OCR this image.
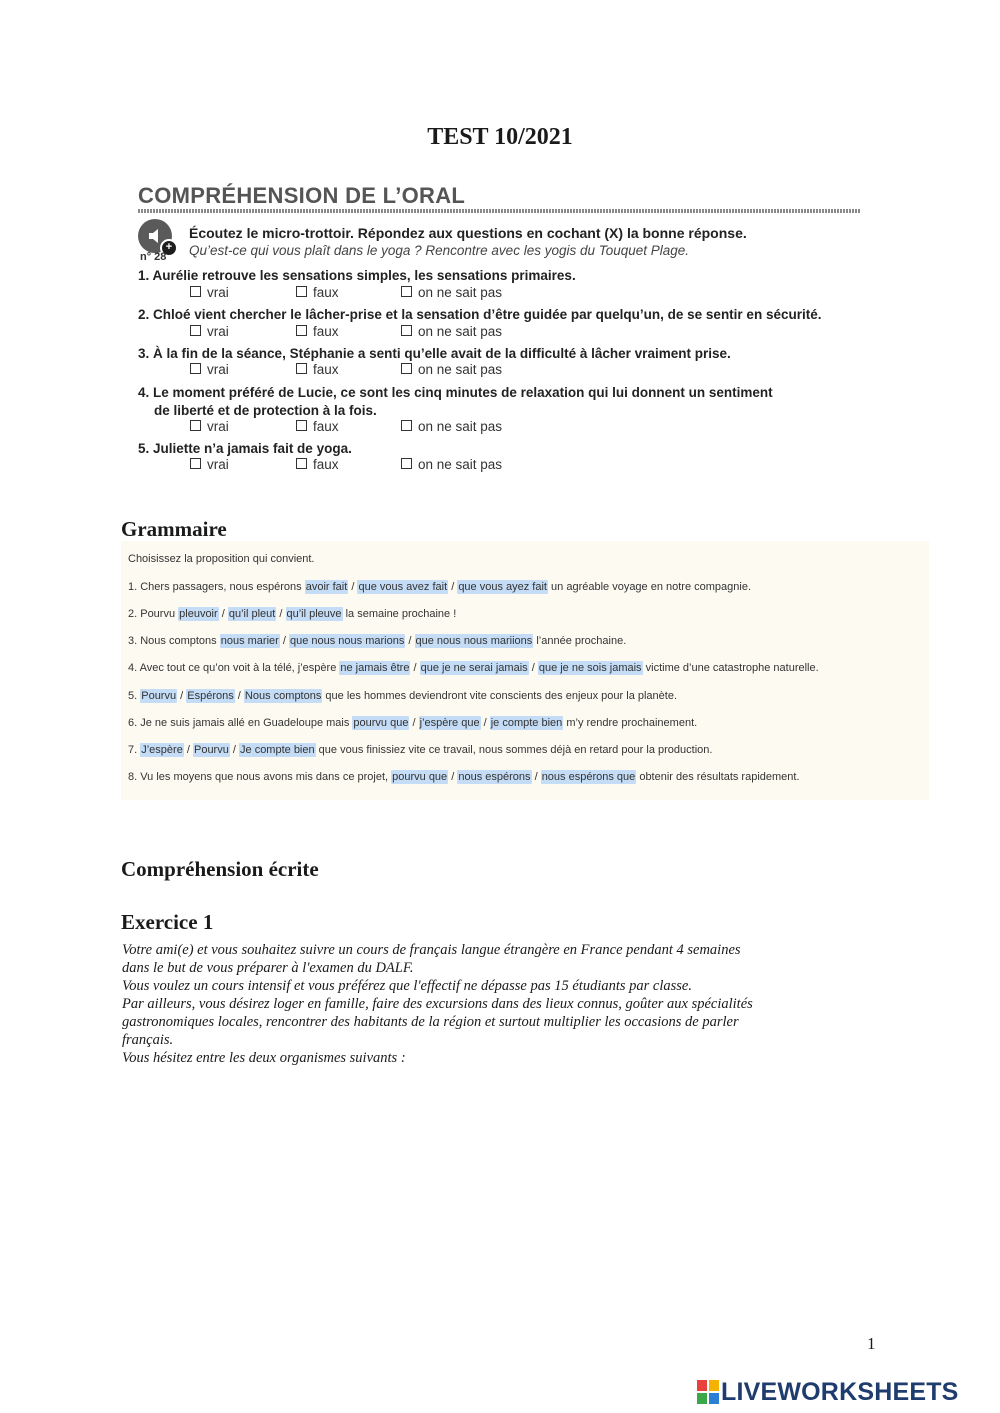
TEST 10/2021
COMPRÉHENSION DE L’ORAL
+
n° 28
Écoutez le micro-trottoir. Répondez aux questions en cochant (X) la bonne réponse.
Qu’est-ce qui vous plaît dans le yoga ? Rencontre avec les yogis du Touquet Plage.
1. Aurélie retrouve les sensations simples, les sensations primaires.
vrai	faux	on ne sait pas
2. Chloé vient chercher le lâcher-prise et la sensation d’être guidée par quelqu’un, de se sentir en sécurité.
vrai	faux	on ne sait pas
3. À la fin de la séance, Stéphanie a senti qu’elle avait de la difficulté à lâcher vraiment prise.
vrai	faux	on ne sait pas
4. Le moment préféré de Lucie, ce sont les cinq minutes de relaxation qui lui donnent un sentiment
de liberté et de protection à la fois.
vrai	faux	on ne sait pas
5. Juliette n’a jamais fait de yoga.
vrai	faux	on ne sait pas
Grammaire
Choisissez la proposition qui convient.
1. Chers passagers, nous espérons avoir fait / que vous avez fait / que vous ayez fait un agréable voyage en notre compagnie.
2. Pourvu pleuvoir / qu’il pleut / qu’il pleuve la semaine prochaine !
3. Nous comptons nous marier / que nous nous marions / que nous nous mariions l’année prochaine.
4. Avec tout ce qu’on voit à la télé, j’espère ne jamais être / que je ne serai jamais / que je ne sois jamais victime d’une catastrophe naturelle.
5. Pourvu / Espérons / Nous comptons que les hommes deviendront vite conscients des enjeux pour la planète.
6. Je ne suis jamais allé en Guadeloupe mais pourvu que / j’espère que / je compte bien m’y rendre prochainement.
7. J’espère / Pourvu / Je compte bien que vous finissiez vite ce travail, nous sommes déjà en retard pour la production.
8. Vu les moyens que nous avons mis dans ce projet, pourvu que / nous espérons / nous espérons que obtenir des résultats rapidement.
Compréhension écrite
Exercice 1
Votre ami(e) et vous souhaitez suivre un cours de français langue étrangère en France pendant 4 semaines
dans le but de vous préparer à l'examen du DALF.
Vous voulez un cours intensif et vous préférez que l'effectif ne dépasse pas 15 étudiants par classe.
Par ailleurs, vous désirez loger en famille, faire des excursions dans des lieux connus, goûter aux spécialités
gastronomiques locales, rencontrer des habitants de la région et surtout multiplier les occasions de parler
français.
Vous hésitez entre les deux organismes suivants :
1
LIVEWORKSHEETS
